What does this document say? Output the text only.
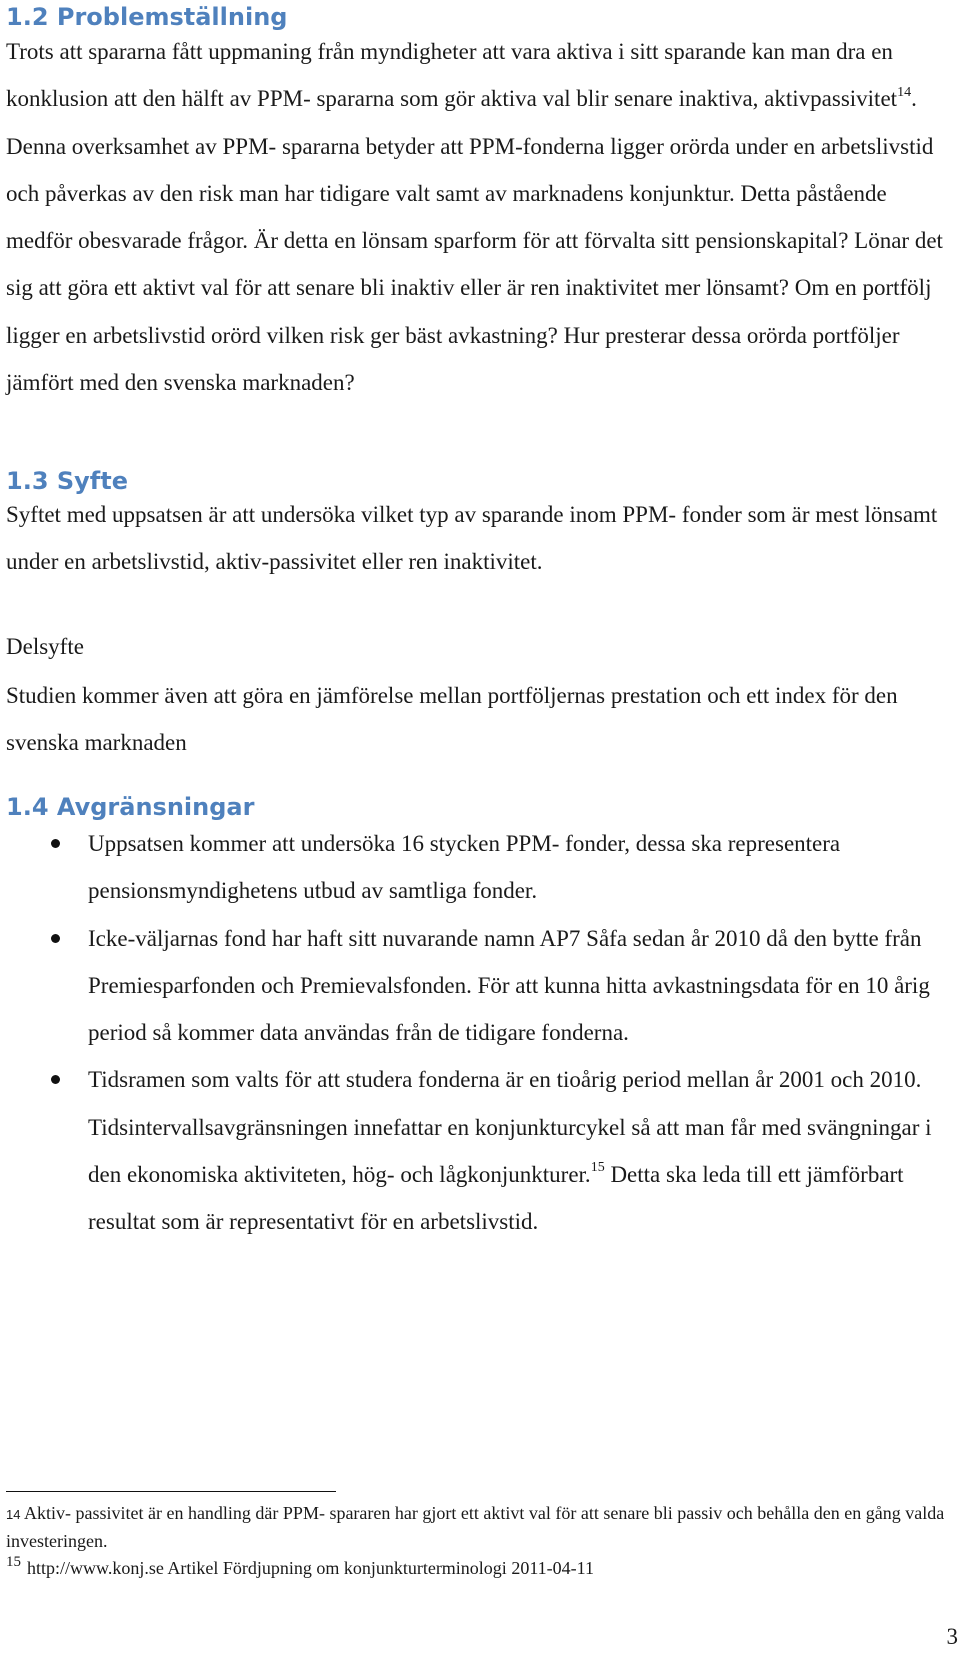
1.2 Problemställning

Trots att spararna fått uppmaning från myndigheter att vara aktiva i sitt sparande kan man dra en konklusion att den hälft av PPM- spararna som gör aktiva val blir senare inaktiva, aktivpassivitet$^{14}$. Denna overksamhet av PPM- spararna betyder att PPM-fonderna ligger orörda under en arbetslivstid och påverkas av den risk man har tidigare valt samt av marknadens konjunktur. Detta påstående medför obesvarade frågor. Är detta en lönsam sparform för att förvalta sitt pensionskapital? Lönar det sig att göra ett aktivt val för att senare bli inaktiv eller är ren inaktivitet mer lönsamt? Om en portfölj ligger en arbetslivstid orörd vilken risk ger bäst avkastning? Hur presterar dessa orörda portföljer jämfört med den svenska marknaden?

1.3 Syfte

Syftet med uppsatsen är att undersöka vilket typ av sparande inom PPM- fonder som är mest lönsamt under en arbetslivstid, aktiv-passivitet eller ren inaktivitet.

Delsyfte

Studien kommer även att göra en jämförelse mellan portföljernas prestation och ett index för den svenska marknaden

1.4 Avgränsningar
Uppsatsen kommer att undersöka 16 stycken PPM- fonder, dessa ska representera pensionsmyndighetens utbud av samtliga fonder.
Icke-väljarnas fond har haft sitt nuvarande namn AP7 Såfa sedan år 2010 då den bytte från Premiesparfonden och Premievalsfonden. För att kunna hitta avkastningsdata för en 10 årig period så kommer data användas från de tidigare fonderna.
Tidsramen som valts för att studera fonderna är en tioårig period mellan år 2001 och 2010. Tidsintervallsavgränsningen innefattar en konjunkturcykel så att man får med svängningar i den ekonomiska aktiviteten, hög- och lågkonjunkturer.$^{15}$ Detta ska leda till ett jämförbart resultat som är representativt för en arbetslivstid.

14 Aktiv- passivitet är en handling där PPM- spararen har gjort ett aktivt val för att senare bli passiv och behålla den en gång valda investeringen.

$^{15}$ http://www.konj.se Artikel Fördjupning om konjunkturterminologi 2011-04-11

3
